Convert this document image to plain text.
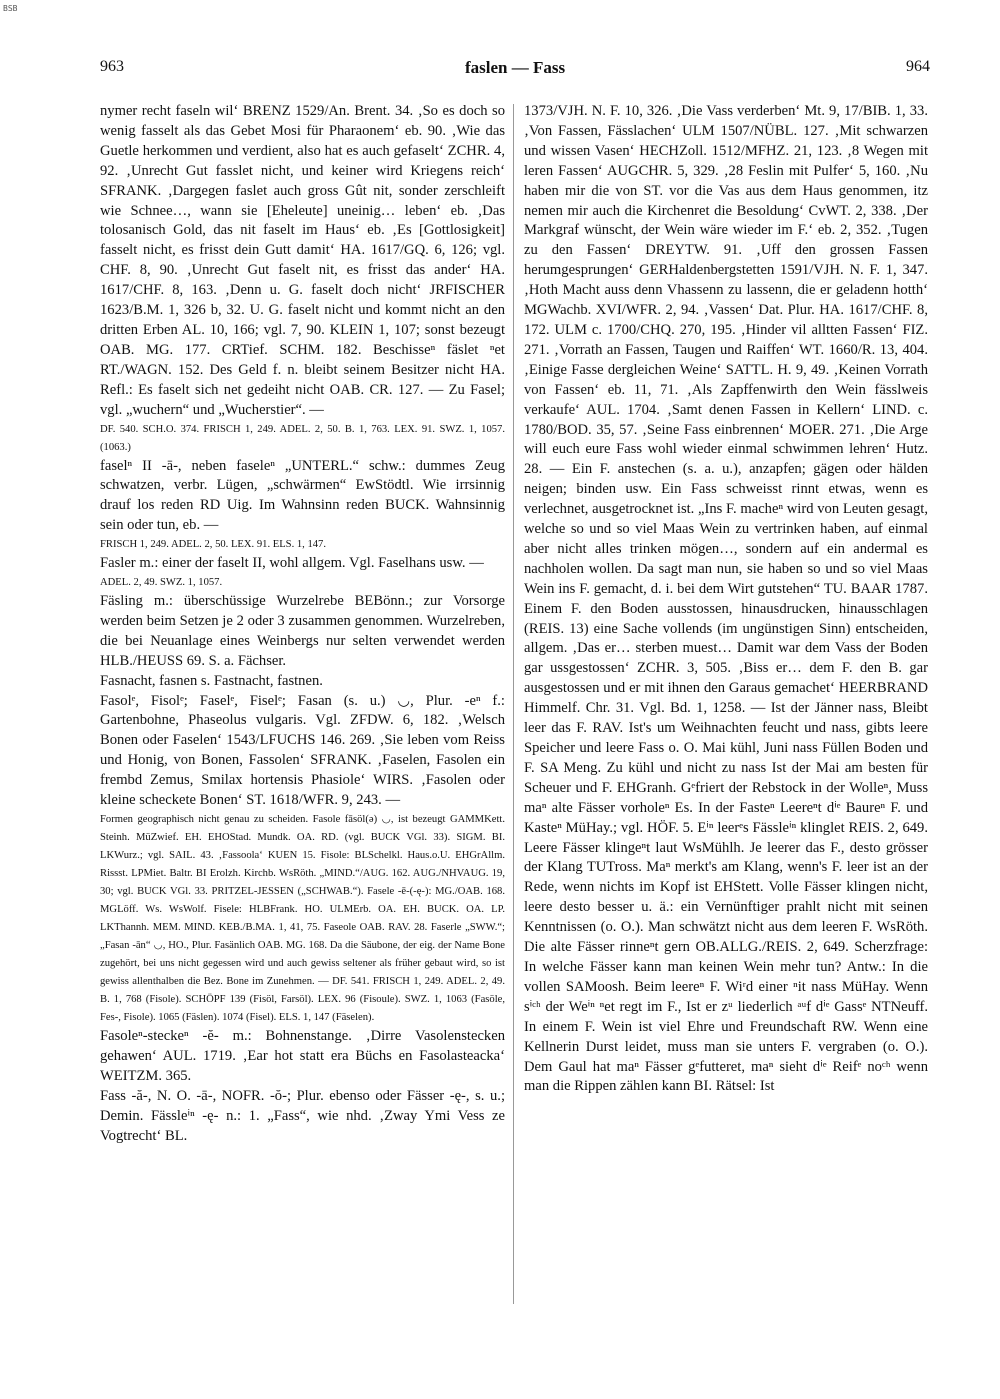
BSB
963	faslen — Fass	964

nymer recht faseln wil‘ BRENZ 1529/An. Brent. 34. ‚So es doch so wenig fasselt als das Gebet Mosi für Pharaonem‘ eb. 90. ‚Wie das Guetle herkommen und verdient, also hat es auch gefaselt‘ ZCHR. 4, 92. ‚Unrecht Gut fasslet nicht, und keiner wird Kriegens reich‘ SFRANK. ‚Dargegen faslet auch gross Gût nit, sonder zerschleift wie Schnee…, wann sie [Eheleute] uneinig… leben‘ eb. ‚Das tolosanisch Gold, das nit faselt im Haus‘ eb. ‚Es [Gottlosigkeit] fasselt nicht, es frisst dein Gutt damit‘ HA. 1617/GQ. 6, 126; vgl. CHF. 8, 90. ‚Unrecht Gut faselt nit, es frisst das ander‘ HA. 1617/CHF. 8, 163. ‚Denn u. G. faselt doch nicht‘ JRFISCHER 1623/B.M. 1, 326 b, 32. U. G. faselt nicht und kommt nicht an den dritten Erben AL. 10, 166; vgl. 7, 90. KLEIN 1, 107; sonst bezeugt OAB. MG. 177. CRTief. SCHM. 182. Beschisseⁿ fäslet ⁿet RT./WAGN. 152. Des Geld f. n. bleibt seinem Besitzer nicht HA. Refl.: Es faselt sich net gedeiht nicht OAB. CR. 127. — Zu Fasel; vgl. „wuchern“ und „Wucherstier“. —

DF. 540. SCH.O. 374. FRISCH 1, 249. ADEL. 2, 50. B. 1, 763. LEX. 91. SWZ. 1, 1057. (1063.)

faselⁿ II -ā-, neben faseleⁿ „UNTERL.“ schw.: dummes Zeug schwatzen, verbr. Lügen, „schwärmen“ EwStödtl. Wie irrsinnig drauf los reden RD Uig. Im Wahnsinn reden BUCK. Wahnsinnig sein oder tun, eb. —

FRISCH 1, 249. ADEL. 2, 50. LEX. 91. ELS. 1, 147.

Fasler m.: einer der faselt II, wohl allgem. Vgl. Faselhans usw. —

ADEL. 2, 49. SWZ. 1, 1057.

Fäsling m.: überschüssige Wurzelrebe BEBönn.; zur Vorsorge werden beim Setzen je 2 oder 3 zusammen genommen. Wurzelreben, die bei Neuanlage eines Weinbergs nur selten verwendet werden HLB./HEUSS 69. S. a. Fächser.

Fasnacht, fasnen s. Fastnacht, fastnen.

Fasolᵉ, Fisolᵉ; Faselᵉ, Fiselᵉ; Fasan (s. u.) ◡, Plur. -eⁿ f.: Gartenbohne, Phaseolus vulgaris. Vgl. ZFDW. 6, 182. ‚Welsch Bonen oder Faselen‘ 1543/LFUCHS 146. 269. ‚Sie leben vom Reiss und Honig, von Bonen, Fassolen‘ SFRANK. ‚Faselen, Fasolen ein frembd Zemus, Smilax hortensis Phasiole‘ WIRS. ‚Fasolen oder kleine scheckete Bonen‘ ST. 1618/WFR. 9, 243. —

Formen geographisch nicht genau zu scheiden. Fasole fāsöl(ə) ◡, ist bezeugt GAMMKett. Steinh. MüZwief. EH. EHOStad. Mundk. OA. RD. (vgl. BUCK VGl. 33). SIGM. BI. LKWurz.; vgl. SAIL. 43. ‚Fassoola‘ KUEN 15. Fisole: BLSchelkl. Haus.o.U. EHGrAllm. Rissst. LPMiet. Baltr. BI Erolzh. Kirchb. WsRöth. „MIND.“/AUG. 162. AUG./NHVAUG. 19, 30; vgl. BUCK VGl. 33. PRITZEL-JESSEN („SCHWAB.“). Fasele -ē-(-ę-): MG./OAB. 168. MGLöff. Ws. WsWolf. Fisele: HLBFrank. HO. ULMErb. OA. EH. BUCK. OA. LP. LKThannh. MEM. MIND. KEB./B.MA. 1, 41, 75. Faseole OAB. RAV. 28. Faserle „SWW.“; „Fasan -ān“ ◡, HO., Plur. Fasänlich OAB. MG. 168. Da die Säubone, der eig. der Name Bone zugehört, bei uns nicht gegessen wird und auch gewiss seltener als früher gebaut wird, so ist gewiss allenthalben die Bez. Bone im Zunehmen. — DF. 541. FRISCH 1, 249. ADEL. 2, 49. B. 1, 768 (Fisole). SCHÖPF 139 (Fisöl, Farsöl). LEX. 96 (Fisoule). SWZ. 1, 1063 (Fasöle, Fes-, Fisole). 1065 (Fäslen). 1074 (Fisel). ELS. 1, 147 (Fäselen).

Fasoleⁿ-steckeⁿ -ĕ- m.: Bohnenstange. ‚Dirre Vasolenstecken gehawen‘ AUL. 1719. ‚Ear hot statt era Büchs en Fasolasteacka‘ WEITZM. 365.

Fass -ă-, N. O. -ā-, NOFR. -ŏ-; Plur. ebenso oder Fässer -ę-, s. u.; Demin. Fässleⁱⁿ -ę- n.: 1. „Fass“, wie nhd. ‚Zway Ymi Vess ze Vogtrecht‘ BL.

1373/VJH. N. F. 10, 326. ‚Die Vass verderben‘ Mt. 9, 17/BIB. 1, 33. ‚Von Fassen, Fässlachen‘ ULM 1507/NÜBL. 127. ‚Mit schwarzen und wissen Vasen‘ HECHZoll. 1512/MFHZ. 21, 123. ‚8 Wegen mit leren Fassen‘ AUGCHR. 5, 329. ‚28 Feslin mit Pulfer‘ 5, 160. ‚Nu haben mir die von ST. vor die Vas aus dem Haus genommen, itz nemen mir auch die Kirchenret die Besoldung‘ CvWT. 2, 338. ‚Der Markgraf wünscht, der Wein wäre wieder im F.‘ eb. 2, 352. ‚Tugen zu den Fassen‘ DREYTW. 91. ‚Uff den grossen Fassen herumgesprungen‘ GERHaldenbergstetten 1591/VJH. N. F. 1, 347. ‚Hoth Macht auss denn Vhassenn zu lassenn, die er geladenn hotth‘ MGWachb. XVI/WFR. 2, 94. ‚Vassen‘ Dat. Plur. HA. 1617/CHF. 8, 172. ULM c. 1700/CHQ. 270, 195. ‚Hinder vil alltten Fassen‘ FIZ. 271. ‚Vorrath an Fassen, Taugen und Raiffen‘ WT. 1660/R. 13, 404. ‚Einige Fasse dergleichen Weine‘ SATTL. H. 9, 49. ‚Keinen Vorrath von Fassen‘ eb. 11, 71. ‚Als Zapffenwirth den Wein fässlweis verkaufe‘ AUL. 1704. ‚Samt denen Fassen in Kellern‘ LIND. c. 1780/BOD. 35, 57. ‚Seine Fass einbrennen‘ MOER. 271. ‚Die Arge will euch eure Fass wohl wieder einmal schwimmen lehren‘ Hutz. 28. — Ein F. anstechen (s. a. u.), anzapfen; gägen oder hälden neigen; binden usw. Ein Fass schweisst rinnt etwas, wenn es verlechnet, ausgetrocknet ist. „Ins F. macheⁿ wird von Leuten gesagt, welche so und so viel Maas Wein zu vertrinken haben, auf einmal aber nicht alles trinken mögen…, sondern auf ein andermal es nachholen wollen. Da sagt man nun, sie haben so und so viel Maas Wein ins F. gemacht, d. i. bei dem Wirt gutstehen“ TU. BAAR 1787. Einem F. den Boden ausstossen, hinausdrucken, hinausschlagen (REIS. 13) eine Sache vollends (im ungünstigen Sinn) entscheiden, allgem. ‚Das er… sterben muest… Damit war dem Vass der Boden gar ussgestossen‘ ZCHR. 3, 505. ‚Biss er… dem F. den B. gar ausgestossen und er mit ihnen den Garaus gemachet‘ HEERBRAND Himmelf. Chr. 31. Vgl. Bd. 1, 1258. — Ist der Jänner nass, Bleibt leer das F. RAV. Ist's um Weihnachten feucht und nass, gibts leere Speicher und leere Fass o. O. Mai kühl, Juni nass Füllen Boden und F. SA Meng. Zu kühl und nicht zu nass Ist der Mai am besten für Scheuer und F. EHGranh. Gᵉfriert der Rebstock in der Wolleⁿ, Muss maⁿ alte Fässer vorholeⁿ Es. In der Fasteⁿ Leereⁿt dⁱᵉ Baureⁿ F. und Kasteⁿ MüHay.; vgl. HÖF. 5. Eⁱⁿ leerᵉs Fässleⁱⁿ klinglet REIS. 2, 649. Leere Fässer klingeⁿt laut WsMühlh. Je leerer das F., desto grösser der Klang TUTross. Maⁿ merkt's am Klang, wenn's F. leer ist an der Rede, wenn nichts im Kopf ist EHStett. Volle Fässer klingen nicht, leere desto besser u. ä.: ein Vernünftiger prahlt nicht mit seinen Kenntnissen (o. O.). Man schwätzt nicht aus dem leeren F. WsRöth. Die alte Fässer rinneⁿt gern OB.ALLG./REIS. 2, 649. Scherzfrage: In welche Fässer kann man keinen Wein mehr tun? Antw.: In die vollen SAMoosh. Beim leereⁿ F. Wiʳd einer ⁿit nass MüHay. Wenn sⁱᶜʰ der Weⁱⁿ ⁿet regt im F., Ist er zᵘ liederlich ᵃᵘf dⁱᵉ Gassᵉ NTNeuff. In einem F. Wein ist viel Ehre und Freundschaft RW. Wenn eine Kellnerin Durst leidet, muss man sie unters F. vergraben (o. O.). Dem Gaul hat maⁿ Fässer gᵉfutteret, maⁿ sieht dⁱᵉ Reifᵉ noᶜʰ wenn man die Rippen zählen kann BI. Rätsel: Ist
